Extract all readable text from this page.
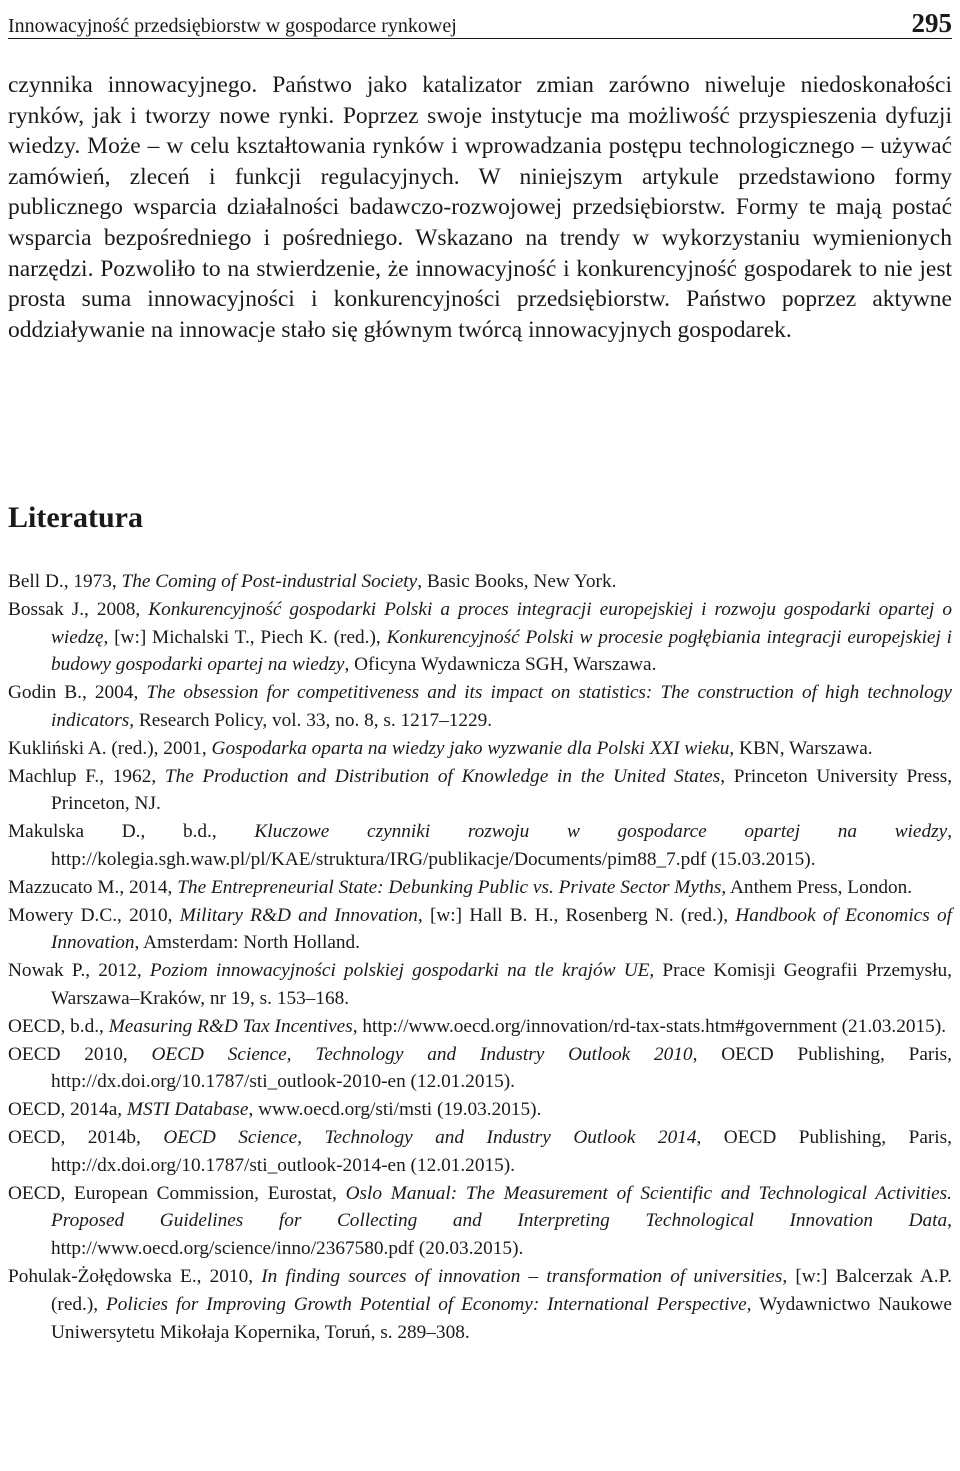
Innowacyjność przedsiębiorstw w gospodarce rynkowej	295

czynnika innowacyjnego. Państwo jako katalizator zmian zarówno niweluje niedoskonałości rynków, jak i tworzy nowe rynki. Poprzez swoje instytucje ma możliwość przyspieszenia dyfuzji wiedzy. Może – w celu kształtowania rynków i wprowadzania postępu technologicznego – używać zamówień, zleceń i funkcji regulacyjnych. W niniejszym artykule przedstawiono formy publicznego wsparcia działalności badawczo-rozwojowej przedsiębiorstw. Formy te mają postać wsparcia bezpośredniego i pośredniego. Wskazano na trendy w wykorzystaniu wymienionych narzędzi. Pozwoliło to na stwierdzenie, że innowacyjność i konkurencyjność gospodarek to nie jest prosta suma innowacyjności i konkurencyjności przedsiębiorstw. Państwo poprzez aktywne oddziaływanie na innowacje stało się głównym twórcą innowacyjnych gospodarek.

Literatura

Bell D., 1973, The Coming of Post-industrial Society, Basic Books, New York.

Bossak J., 2008, Konkurencyjność gospodarki Polski a proces integracji europejskiej i rozwoju gospodarki opartej o wiedzę, [w:] Michalski T., Piech K. (red.), Konkurencyjność Polski w procesie pogłębiania integracji europejskiej i budowy gospodarki opartej na wiedzy, Oficyna Wydawnicza SGH, Warszawa.

Godin B., 2004, The obsession for competitiveness and its impact on statistics: The construction of high technology indicators, Research Policy, vol. 33, no. 8, s. 1217–1229.

Kukliński A. (red.), 2001, Gospodarka oparta na wiedzy jako wyzwanie dla Polski XXI wieku, KBN, Warszawa.

Machlup F., 1962, The Production and Distribution of Knowledge in the United States, Princeton University Press, Princeton, NJ.

Makulska D., b.d., Kluczowe czynniki rozwoju w gospodarce opartej na wiedzy, http://kolegia.sgh.waw.pl/pl/KAE/struktura/IRG/publikacje/Documents/pim88_7.pdf (15.03.2015).

Mazzucato M., 2014, The Entrepreneurial State: Debunking Public vs. Private Sector Myths, Anthem Press, London.

Mowery D.C., 2010, Military R&D and Innovation, [w:] Hall B. H., Rosenberg N. (red.), Handbook of Economics of Innovation, Amsterdam: North Holland.

Nowak P., 2012, Poziom innowacyjności polskiej gospodarki na tle krajów UE, Prace Komisji Geografii Przemysłu, Warszawa–Kraków, nr 19, s. 153–168.

OECD, b.d., Measuring R&D Tax Incentives, http://www.oecd.org/innovation/rd-tax-stats.htm#government (21.03.2015).

OECD 2010, OECD Science, Technology and Industry Outlook 2010, OECD Publishing, Paris, http://dx.doi.org/10.1787/sti_outlook-2010-en (12.01.2015).

OECD, 2014a, MSTI Database, www.oecd.org/sti/msti (19.03.2015).

OECD, 2014b, OECD Science, Technology and Industry Outlook 2014, OECD Publishing, Paris, http://dx.doi.org/10.1787/sti_outlook-2014-en (12.01.2015).

OECD, European Commission, Eurostat, Oslo Manual: The Measurement of Scientific and Technological Activities. Proposed Guidelines for Collecting and Interpreting Technological Innovation Data, http://www.oecd.org/science/inno/2367580.pdf (20.03.2015).

Pohulak-Żołędowska E., 2010, In finding sources of innovation – transformation of universities, [w:] Balcerzak A.P. (red.), Policies for Improving Growth Potential of Economy: International Perspective, Wydawnictwo Naukowe Uniwersytetu Mikołaja Kopernika, Toruń, s. 289–308.
